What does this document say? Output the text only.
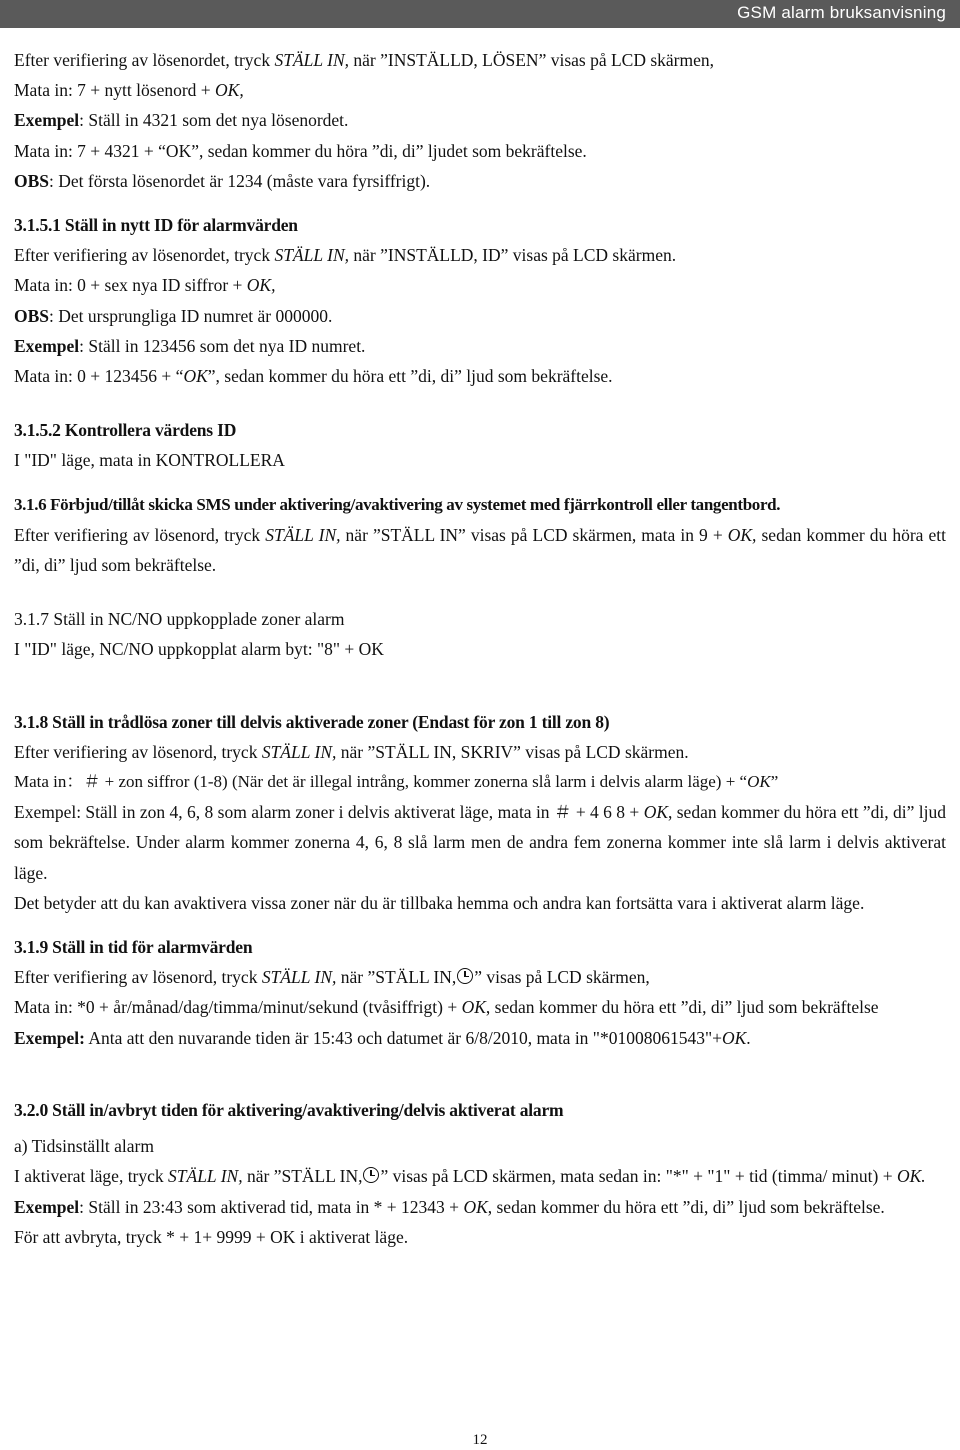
GSM alarm bruksanvisning
Efter verifiering av lösenordet, tryck STÄLL IN, när ”INSTÄLLD, LÖSEN” visas på LCD skärmen,
Mata in: 7 + nytt lösenord + OK,
Exempel: Ställ in 4321 som det nya lösenordet.
Mata in: 7 + 4321 + “OK”, sedan kommer du höra ”di, di” ljudet som bekräftelse.
OBS: Det första lösenordet är 1234 (måste vara fyrsiffrigt).
3.1.5.1 Ställ in nytt ID för alarmvärden
Efter verifiering av lösenordet, tryck STÄLL IN, när ”INSTÄLLD, ID” visas på LCD skärmen.
Mata in: 0 + sex nya ID siffror + OK,
OBS: Det ursprungliga ID numret är 000000.
Exempel: Ställ in 123456 som det nya ID numret.
Mata in: 0 + 123456 + “OK”, sedan kommer du höra ett ”di, di” ljud som bekräftelse.
3.1.5.2 Kontrollera värdens ID
I "ID" läge, mata in KONTROLLERA
3.1.6 Förbjud/tillåt skicka SMS under aktivering/avaktivering av systemet med fjärrkontroll eller tangentbord.
Efter verifiering av lösenord, tryck STÄLL IN, när ”STÄLL IN” visas på LCD skärmen, mata in 9 + OK, sedan kommer du höra ett ”di, di” ljud som bekräftelse.
3.1.7 Ställ in NC/NO uppkopplade zoner alarm
I "ID" läge, NC/NO uppkopplat alarm byt: "8" + OK
3.1.8 Ställ in trådlösa zoner till delvis aktiverade zoner (Endast för zon 1 till zon 8)
Efter verifiering av lösenord, tryck STÄLL IN, när ”STÄLL IN, SKRIV” visas på LCD skärmen.
Mata in：＃ + zon siffror (1-8) (När det är illegal intrång, kommer zonerna slå larm i delvis alarm läge) + “OK”
Exempel: Ställ in zon 4, 6, 8 som alarm zoner i delvis aktiverat läge, mata in ＃ + 4 6 8 + OK, sedan kommer du höra ett ”di, di” ljud som bekräftelse. Under alarm kommer zonerna 4, 6, 8 slå larm men de andra fem zonerna kommer inte slå larm i delvis aktiverat läge.
Det betyder att du kan avaktivera vissa zoner när du är tillbaka hemma och andra kan fortsätta vara i aktiverat alarm läge.
3.1.9 Ställ in tid för alarmvärden
Efter verifiering av lösenord, tryck STÄLL IN, när ”STÄLL IN, ” visas på LCD skärmen,
Mata in: *0 + år/månad/dag/timma/minut/sekund (tvåsiffrigt) + OK, sedan kommer du höra ett ”di, di” ljud som bekräftelse
Exempel: Anta att den nuvarande tiden är 15:43 och datumet är 6/8/2010, mata in "*01008061543"+OK.
3.2.0 Ställ in/avbryt tiden för aktivering/avaktivering/delvis aktiverat alarm
a) Tidsinställt alarm
I aktiverat läge, tryck STÄLL IN, när ”STÄLL IN, ” visas på LCD skärmen, mata sedan in: "*" + "1" + tid (timma/ minut) + OK.
Exempel: Ställ in 23:43 som aktiverad tid, mata in * + 12343 + OK, sedan kommer du höra ett ”di, di” ljud som bekräftelse.
För att avbryta, tryck * + 1+ 9999 + OK i aktiverat läge.
12
